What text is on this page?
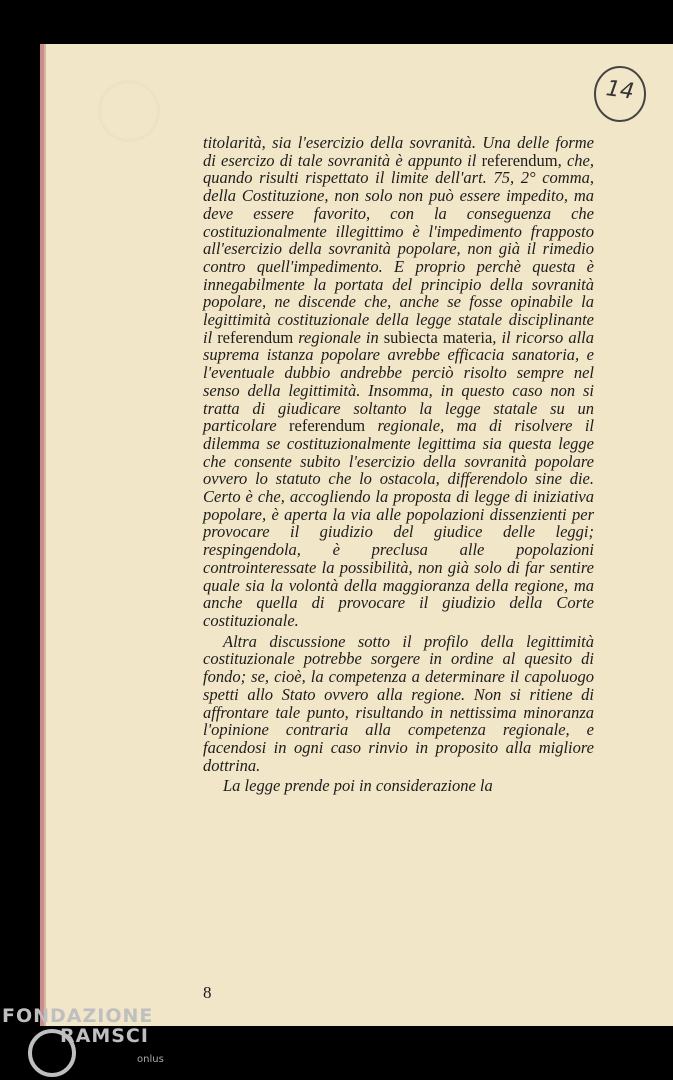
14

titolarità, sia l'esercizio della sovranità. Una delle forme di esercizo di tale sovranità è appunto il referendum, che, quando risulti rispettato il limite dell'art. 75, 2° comma, della Costituzione, non solo non può essere impedito, ma deve essere favorito, con la conseguenza che costituzionalmente illegittimo è l'impedimento frapposto all'esercizio della sovranità popolare, non già il rimedio contro quell'impedimento. E proprio perchè questa è innegabilmente la portata del principio della sovranità popolare, ne discende che, anche se fosse opinabile la legittimità costituzionale della legge statale disciplinante il referendum regionale in subiecta materia, il ricorso alla suprema istanza popolare avrebbe efficacia sanatoria, e l'eventuale dubbio andrebbe perciò risolto sempre nel senso della legittimità. Insomma, in questo caso non si tratta di giudicare soltanto la legge statale su un particolare referendum regionale, ma di risolvere il dilemma se costituzionalmente legittima sia questa legge che consente subito l'esercizio della sovranità popolare ovvero lo statuto che lo ostacola, differendolo sine die. Certo è che, accogliendo la proposta di legge di iniziativa popolare, è aperta la via alle popolazioni dissenzienti per provocare il giudizio del giudice delle leggi; respingendola, è preclusa alle popolazioni controinteressate la possibilità, non già solo di far sentire quale sia la volontà della maggioranza della regione, ma anche quella di provocare il giudizio della Corte costituzionale.

Altra discussione sotto il profilo della legittimità costituzionale potrebbe sorgere in ordine al quesito di fondo; se, cioè, la competenza a determinare il capoluogo spetti allo Stato ovvero alla regione. Non si ritiene di affrontare tale punto, risultando in nettissima minoranza l'opinione contraria alla competenza regionale, e facendosi in ogni caso rinvio in proposito alla migliore dottrina.

La legge prende poi in considerazione la

8
FONDAZIONE
RAMSCI
onlus
